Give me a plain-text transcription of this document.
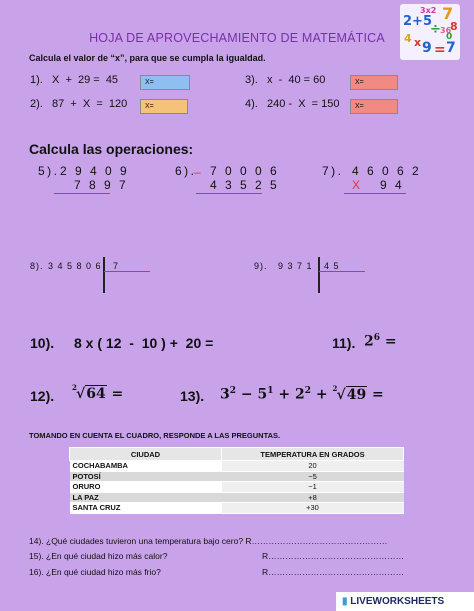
HOJA DE APROVECHAMIENTO DE MATEMÁTICA
2+5
3x2 7
÷ 36
8
4 x 9 = 7
0
Calcula el valor de “x”, para que se cumpla la igualdad.
1).   X  +  29 =  45	X=
2).   87  +  X  =  120	X=
3).   x  -  40 = 60	X=
4).   240 -  X  = 150	X=
Calcula las operaciones:
5). 2 9 4 0 9
7 8 9 7
6).
_ 7 0 0 0 6
4 3 5 2 5
7). 4 6 0 6 2
X 9 4
8). 3 4 5 8 0 6 7	9). 9 3 7 1 4 5
10). 8 x ( 12  -  10 ) +  20 =	11). $2^6$ =
12).
2 √64 =	13). $3^2 - 5^1 + 2^2 + 2$ √49 =
TOMANDO EN CUENTA EL CUADRO, RESPONDE A LAS PREGUNTAS.
CIUDAD	TEMPERATURA EN GRADOS
COCHABAMBA	20
POTOSÍ	−5
ORURO	−1
LA PAZ	+8
SANTA CRUZ	+30
14). ¿Qué ciudades tuvieron una temperatura bajo cero? R…………………………………………
15). ¿En qué ciudad hizo más calor?	R…………………………………………
16). ¿En qué ciudad hizo más frio?	R…………………………………………
▮ LIVEWORKSHEETS
